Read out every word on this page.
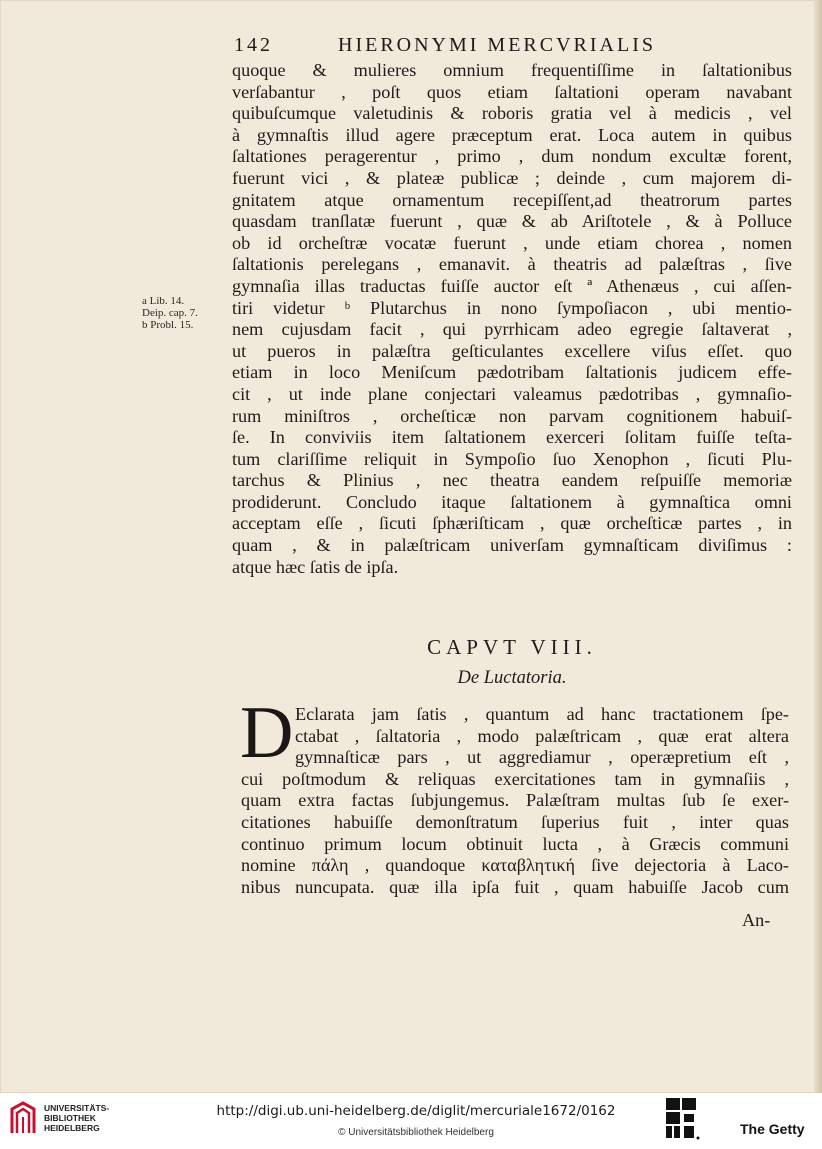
142	HIERONYMI MERCVRIALIS
a Lib. 14.
Deip. cap. 7.
b Probl. 15.
quoque & mulieres omnium frequentiſſime in ſaltationibus
verſabantur , poſt quos etiam ſaltationi operam navabant
quibuſcumque valetudinis & roboris gratia vel à medicis , vel
à gymnaſtis illud agere præceptum erat. Loca autem in quibus
ſaltationes peragerentur , primo , dum nondum excultæ forent,
fuerunt vici , & plateæ publicæ ; deinde , cum majorem di-
gnitatem atque ornamentum recepiſſent,ad theatrorum partes
quasdam tranſlatæ fuerunt , quæ & ab Ariſtotele , & à Polluce
ob id orcheſtræ vocatæ fuerunt , unde etiam chorea , nomen
ſaltationis perelegans , emanavit. à theatris ad palæſtras , ſive
gymnaſia illas traductas fuiſſe auctor eſt ª Athenæus , cui aſſen-
tiri videtur ᵇ Plutarchus in nono ſympoſiacon , ubi mentio-
nem cujusdam facit , qui pyrrhicam adeo egregie ſaltaverat ,
ut pueros in palæſtra geſticulantes excellere viſus eſſet. quo
etiam in loco Meniſcum pædotribam ſaltationis judicem effe-
cit , ut inde plane conjectari valeamus pædotribas , gymnaſio-
rum miniſtros , orcheſticæ non parvam cognitionem habuiſ-
ſe. In conviviis item ſaltationem exerceri ſolitam fuiſſe teſta-
tum clariſſime reliquit in Sympoſio ſuo Xenophon , ſicuti Plu-
tarchus & Plinius , nec theatra eandem reſpuiſſe memoriæ
prodiderunt. Concludo itaque ſaltationem à gymnaſtica omni
acceptam eſſe , ſicuti ſphæriſticam , quæ orcheſticæ partes , in
quam , & in palæſtricam univerſam gymnaſticam diviſimus :
atque hæc ſatis de ipſa.
CAPVT VIII.
De Luctatoria.
D Eclarata jam ſatis , quantum ad hanc tractationem ſpe-
ctabat , ſaltatoria , modo palæſtricam , quæ erat altera
gymnaſticæ pars , ut aggrediamur , operæpretium eſt ,
cui poſtmodum & reliquas exercitationes tam in gymnaſiis ,
quam extra factas ſubjungemus. Palæſtram multas ſub ſe exer-
citationes habuiſſe demonſtratum ſuperius fuit , inter quas
continuo primum locum obtinuit lucta , à Græcis communi
nomine πάλη , quandoque καταβλητική ſive dejectoria à Laco-
nibus nuncupata. quæ illa ipſa fuit , quam habuiſſe Jacob cum
An-
UNIVERSITÄTS-
BIBLIOTHEK
HEIDELBERG
http://digi.ub.uni-heidelberg.de/diglit/mercuriale1672/0162
© Universitätsbibliothek Heidelberg	The Getty
